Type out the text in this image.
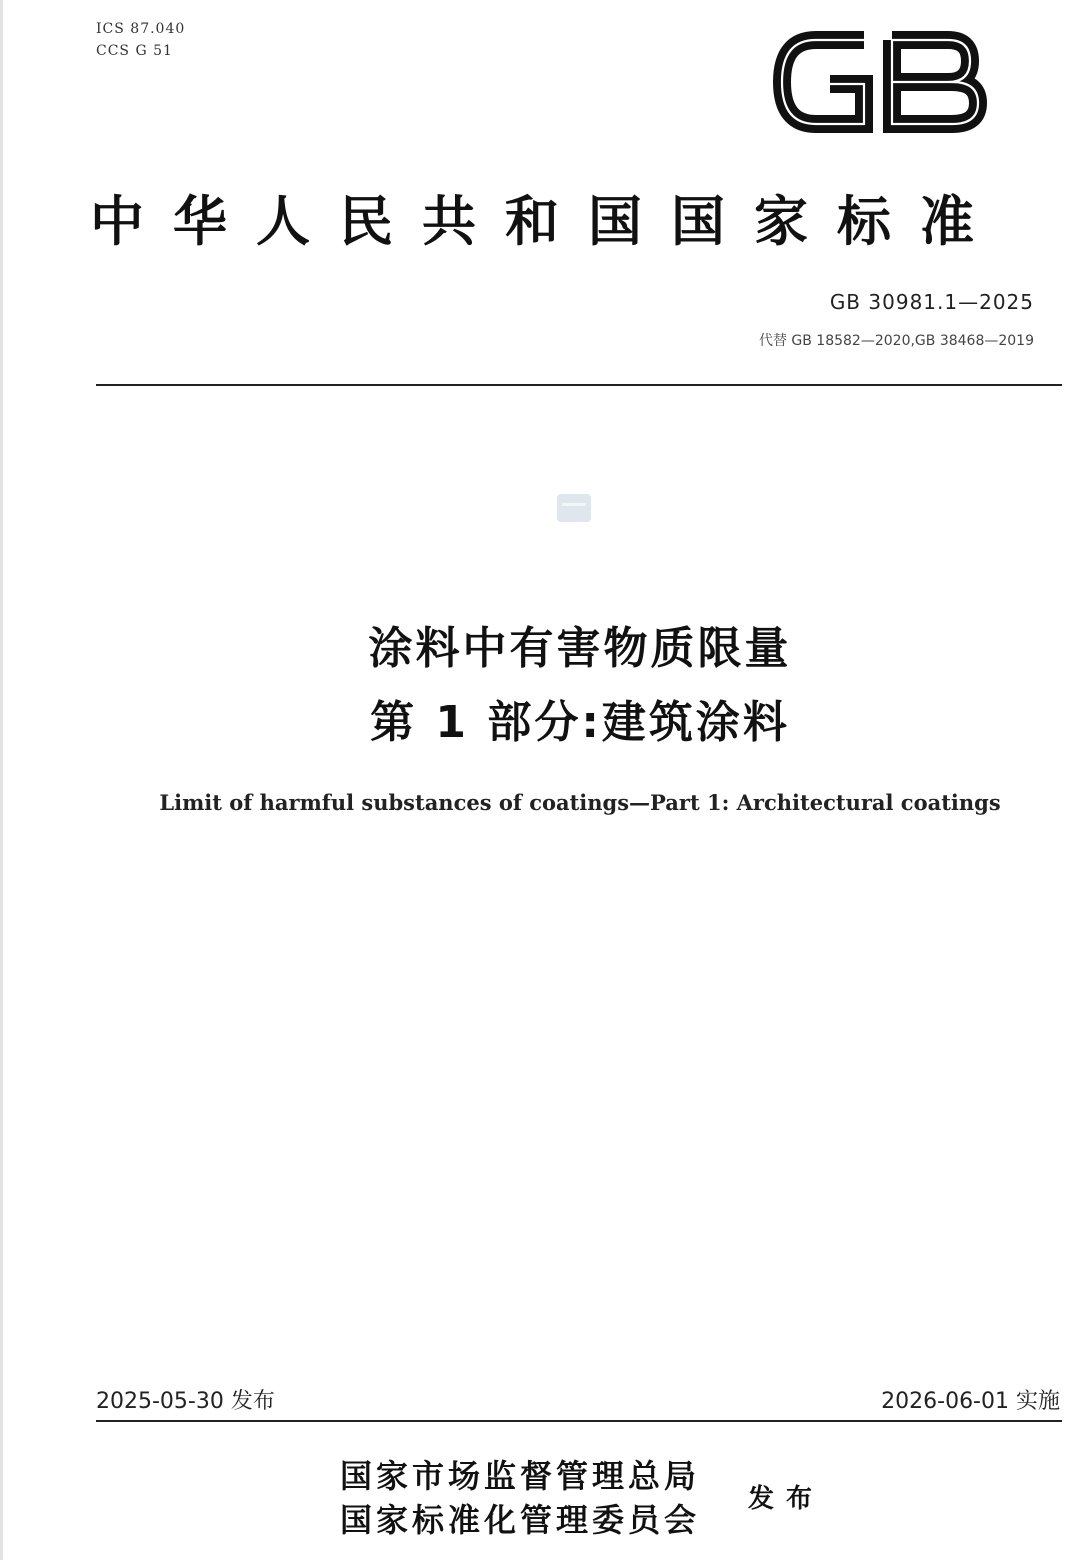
ICS 87.040
CCS G 51
GB
中华人民共和国国家标准
GB 30981.1—2025
代替 GB 18582—2020,GB 38468—2019
涂料中有害物质限量
第 1 部分:建筑涂料
Limit of harmful substances of coatings—Part 1: Architectural coatings
2025-05-30 发布	2026-06-01 实施
国家市场监督管理总局
国家标准化管理委员会
发布
